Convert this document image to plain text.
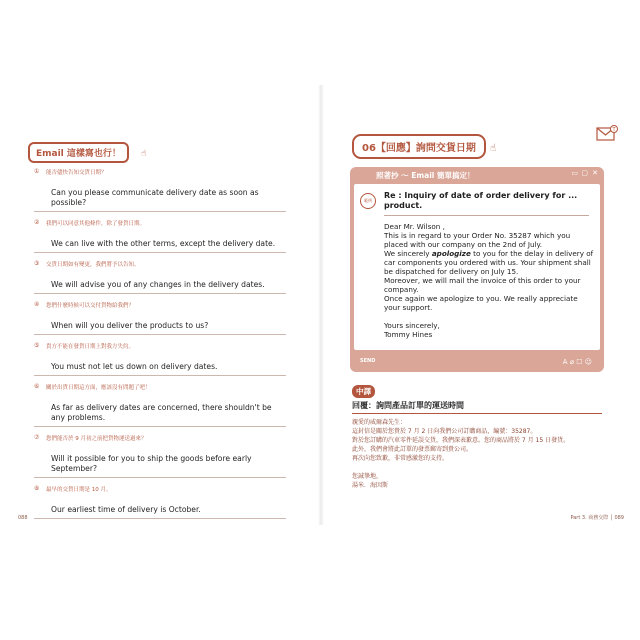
Email 這樣寫也行！	☝
① 能否儘快告知交貨日期？
Can you please communicate delivery date as soon as possible?
② 我們可以同意其他條件，除了發貨日期。
We can live with the other terms, except the delivery date.
③ 交貨日期如有變更，我們將予以告知。
We will advise you of any changes in the delivery dates.
④ 您們什麼時候可以交付貨物給我們？
When will you deliver the products to us?
⑤ 貴方不能在發貨日期上對我方失約。
You must not let us down on delivery dates.
⑥ 關於出貨日期這方面，應該沒有問題了吧！
As far as delivery dates are concerned, there shouldn't be any problems.
⑦ 您們能否於 9 月初之前把貨物運送過來？
Will it possible for you to ship the goods before early September?
⑧ 最早的交貨日期是 10 月。
Our earliest time of delivery is October.
088
T
06【回應】詢問交貨日期	☝
照著抄 ～ Email 簡單搞定！	▭ ▢ ✕
範例
Re : Inquiry of date of order delivery for ... product.

Dear Mr. Wilson ,

This is in regard to your Order No. 35287 which you placed with our company on the 2nd of July.

We sincerely apologize to you for the delay in delivery of car components you ordered with us. Your shipment shall be dispatched for delivery on July 15.

Moreover, we will mail the invoice of this order to your company.

Once again we apologize to you. We really appreciate your support.

Yours sincerely,

Tommy Hines

SEND	A ⌀ ☐ ☺
中譯
回覆：詢問產品訂單的運送時間
親愛的威爾森先生：
這封信是關於您貴於 7 月 2 日向我們公司訂購商品，編號：35287。
對於您訂購的汽車零件延誤交貨，我們深表歉意。您的商品將於 7 月 15 日發貨。
此外，我們會將此訂單的發票郵寄到貴公司。
再次向您致歉，非常感激您的支持。
您誠摯地，
湯米．海因斯
Part 3. 商務交際 │ 089
